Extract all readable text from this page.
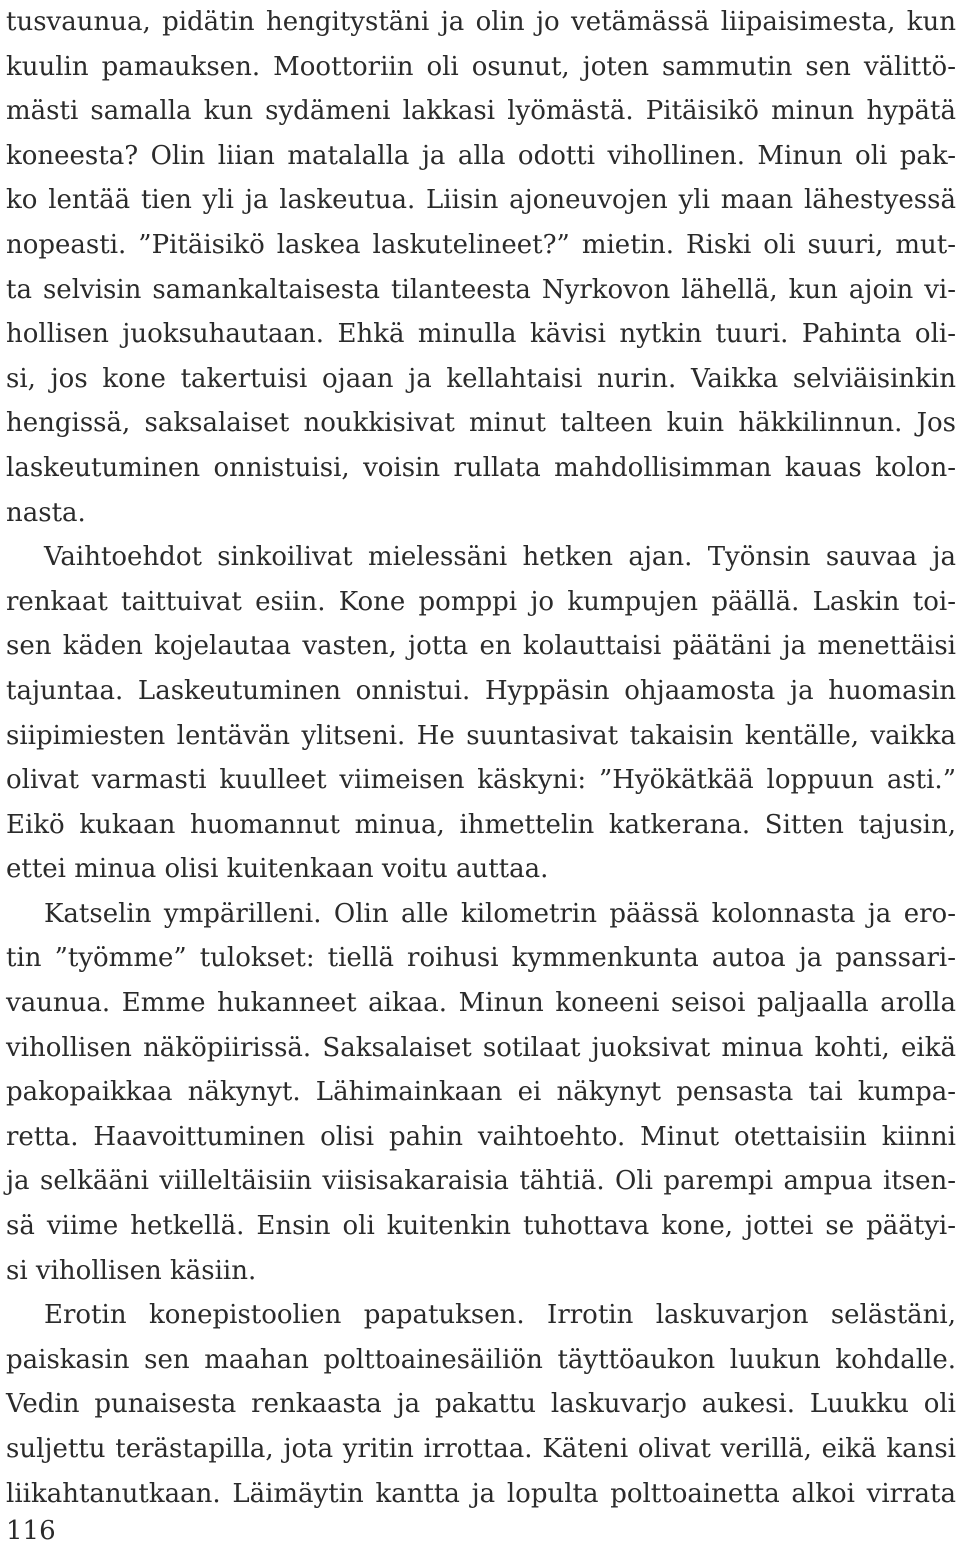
tusvaunua, pidätin hengitystäni ja olin jo vetämässä liipaisimesta, kun
kuulin pamauksen. Moottoriin oli osunut, joten sammutin sen välittö-
mästi samalla kun sydämeni lakkasi lyömästä. Pitäisikö minun hypätä
koneesta? Olin liian matalalla ja alla odotti vihollinen. Minun oli pak-
ko lentää tien yli ja laskeutua. Liisin ajoneuvojen yli maan lähestyessä
nopeasti. ”Pitäisikö laskea laskutelineet?” mietin. Riski oli suuri, mut-
ta selvisin samankaltaisesta tilanteesta Nyrkovon lähellä, kun ajoin vi-
hollisen juoksuhautaan. Ehkä minulla kävisi nytkin tuuri. Pahinta oli-
si, jos kone takertuisi ojaan ja kellahtaisi nurin. Vaikka selviäisinkin
hengissä, saksalaiset noukkisivat minut talteen kuin häkkilinnun. Jos
laskeutuminen onnistuisi, voisin rullata mahdollisimman kauas kolon-
nasta.
Vaihtoehdot sinkoilivat mielessäni hetken ajan. Työnsin sauvaa ja
renkaat taittuivat esiin. Kone pomppi jo kumpujen päällä. Laskin toi-
sen käden kojelautaa vasten, jotta en kolauttaisi päätäni ja menettäisi
tajuntaa. Laskeutuminen onnistui. Hyppäsin ohjaamosta ja huomasin
siipimiesten lentävän ylitseni. He suuntasivat takaisin kentälle, vaikka
olivat varmasti kuulleet viimeisen käskyni: ”Hyökätkää loppuun asti.”
Eikö kukaan huomannut minua, ihmettelin katkerana. Sitten tajusin,
ettei minua olisi kuitenkaan voitu auttaa.
Katselin ympärilleni. Olin alle kilometrin päässä kolonnasta ja ero-
tin ”työmme” tulokset: tiellä roihusi kymmenkunta autoa ja panssari-
vaunua. Emme hukanneet aikaa. Minun koneeni seisoi paljaalla arolla
vihollisen näköpiirissä. Saksalaiset sotilaat juoksivat minua kohti, eikä
pakopaikkaa näkynyt. Lähimainkaan ei näkynyt pensasta tai kumpa-
retta. Haavoittuminen olisi pahin vaihtoehto. Minut otettaisiin kiinni
ja selkääni viilleltäisiin viisisakaraisia tähtiä. Oli parempi ampua itsen-
sä viime hetkellä. Ensin oli kuitenkin tuhottava kone, jottei se päätyi-
si vihollisen käsiin.
Erotin konepistoolien papatuksen. Irrotin laskuvarjon selästäni,
paiskasin sen maahan polttoainesäiliön täyttöaukon luukun kohdalle.
Vedin punaisesta renkaasta ja pakattu laskuvarjo aukesi. Luukku oli
suljettu terästapilla, jota yritin irrottaa. Käteni olivat verillä, eikä kansi
liikahtanutkaan. Läimäytin kantta ja lopulta polttoainetta alkoi virrata
116
